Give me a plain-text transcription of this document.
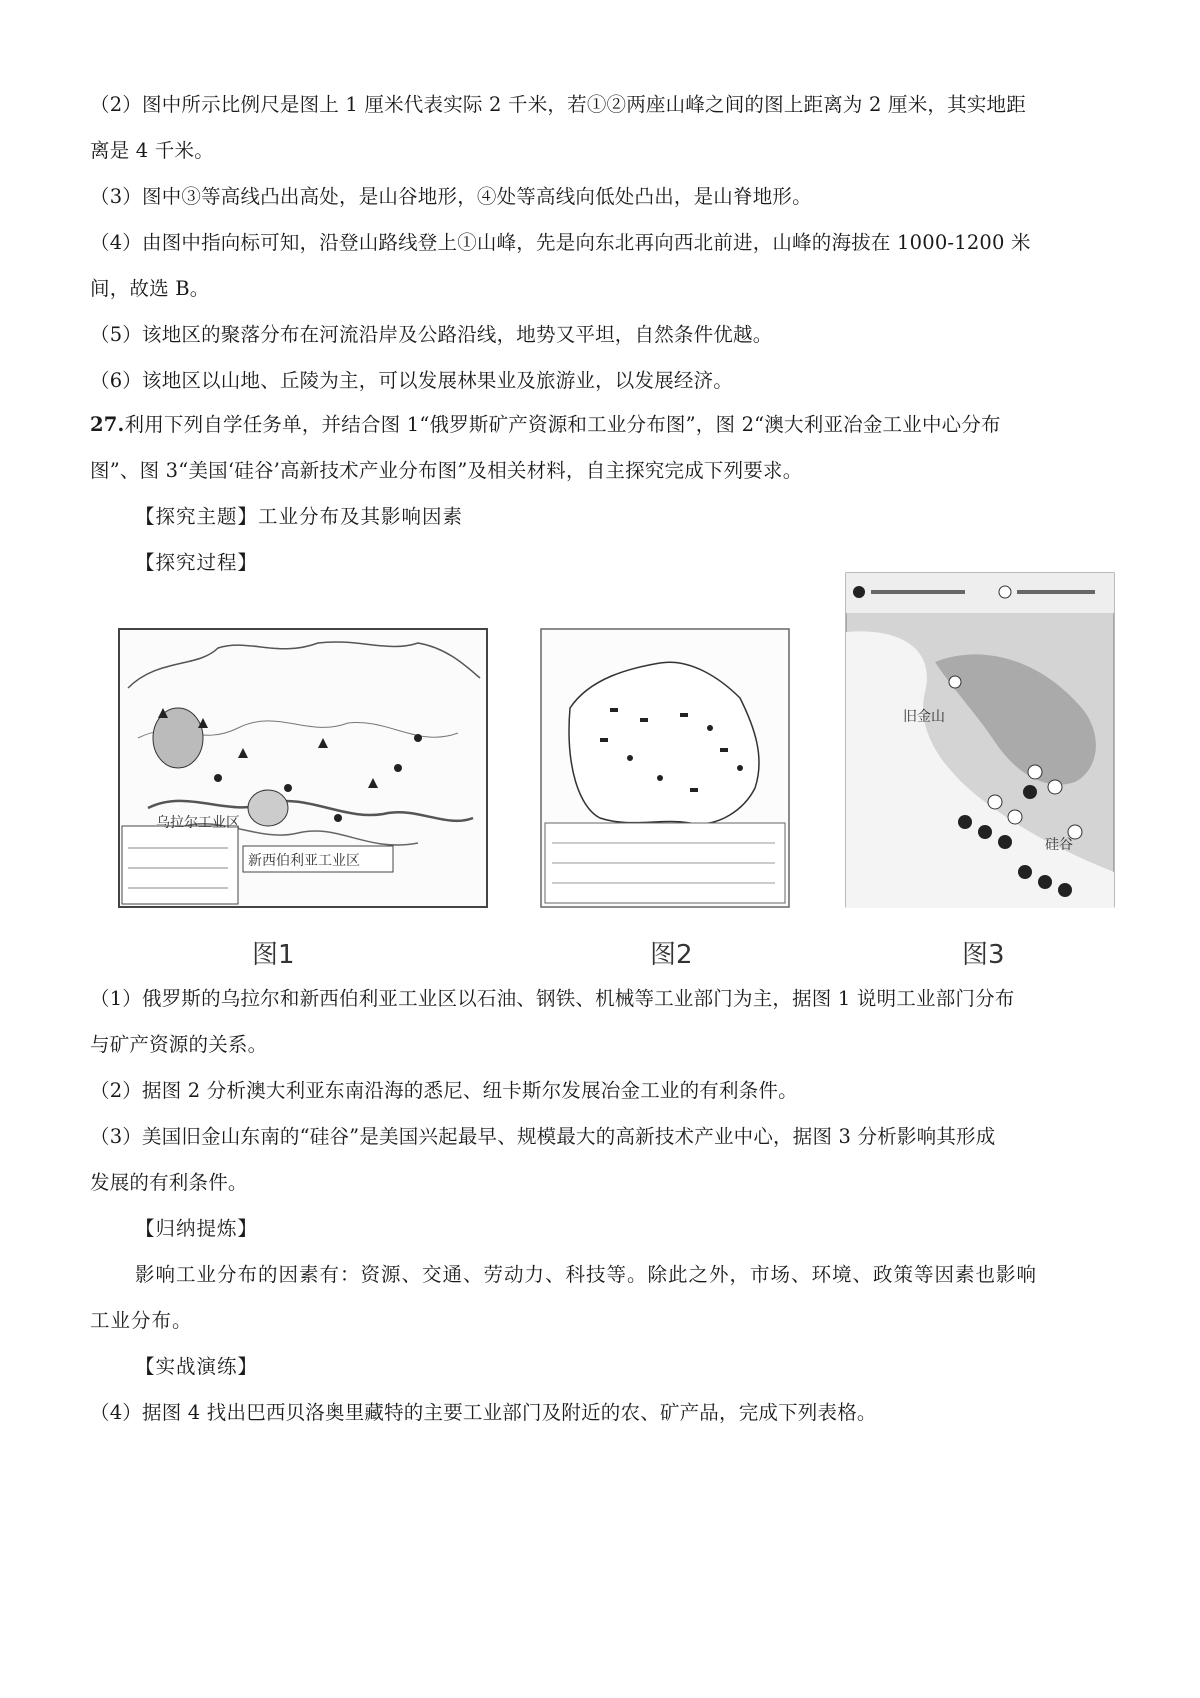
（2）图中所示比例尺是图上 1 厘米代表实际 2 千米，若①②两座山峰之间的图上距离为 2 厘米，其实地距
离是 4 千米。
（3）图中③等高线凸出高处，是山谷地形，④处等高线向低处凸出，是山脊地形。
（4）由图中指向标可知，沿登山路线登上①山峰，先是向东北再向西北前进，山峰的海拔在 1000-1200 米
间，故选 B。
（5）该地区的聚落分布在河流沿岸及公路沿线，地势又平坦，自然条件优越。
（6）该地区以山地、丘陵为主，可以发展林果业及旅游业，以发展经济。
27.利用下列自学任务单，并结合图 1“俄罗斯矿产资源和工业分布图”，图 2“澳大利亚冶金工业中心分布
图”、图 3“美国‘硅谷’高新技术产业分布图”及相关材料，自主探究完成下列要求。
【探究主题】工业分布及其影响因素
【探究过程】
乌拉尔工业区
新西伯利亚工业区
旧金山
硅谷
图1	图2	图3
（1）俄罗斯的乌拉尔和新西伯利亚工业区以石油、钢铁、机械等工业部门为主，据图 1 说明工业部门分布
与矿产资源的关系。
（2）据图 2 分析澳大利亚东南沿海的悉尼、纽卡斯尔发展冶金工业的有利条件。
（3）美国旧金山东南的“硅谷”是美国兴起最早、规模最大的高新技术产业中心，据图 3 分析影响其形成
发展的有利条件。
【归纳提炼】
影响工业分布的因素有：资源、交通、劳动力、科技等。除此之外，市场、环境、政策等因素也影响
工业分布。
【实战演练】
（4）据图 4 找出巴西贝洛奥里藏特的主要工业部门及附近的农、矿产品，完成下列表格。
